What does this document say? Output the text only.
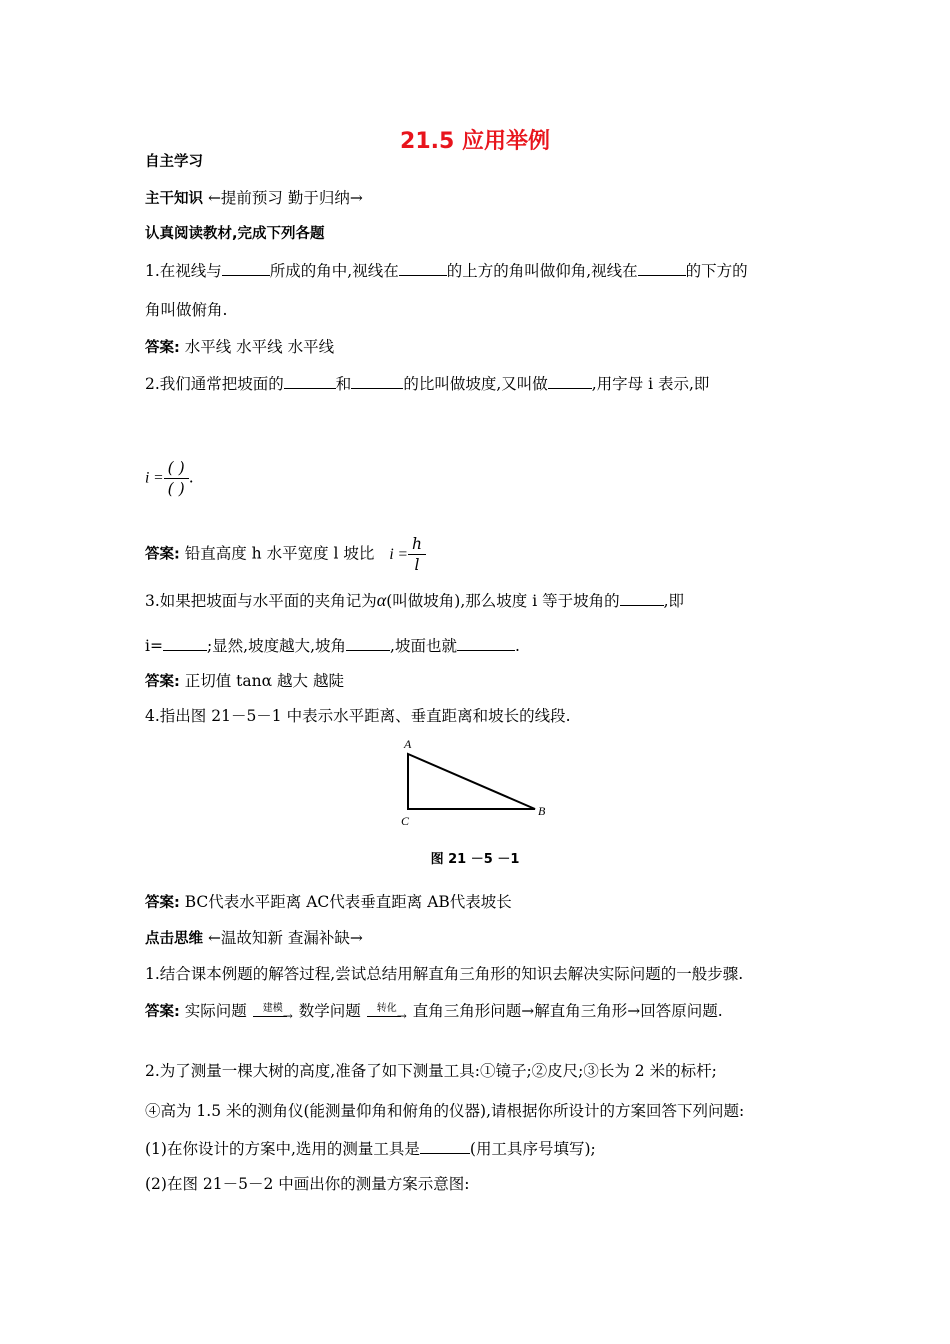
21.5 应用举例
自主学习
主干知识 ←提前预习 勤于归纳→
认真阅读教材,完成下列各题
1.在视线与	所成的角中,视线在	的上方的角叫做仰角,视线在	的下方的
角叫做俯角.
答案: 水平线 水平线 水平线
2.我们通常把坡面的	和	的比叫做坡度,又叫做	,用字母 i 表示,即
$i = \frac{( )}{( )}$ .
答案: 铅直高度 h 水平宽度 l 坡比 $i = \frac{h}{l}$
3.如果把坡面与水平面的夹角记为α(叫做坡角),那么坡度 i 等于坡角的	,即
i=	;显然,坡度越大,坡角	,坡面也就	.
答案: 正切值 tanα 越大 越陡
4.指出图 21－5－1 中表示水平距离、垂直距离和坡长的线段.
A
B
C
图 21 －5 －1
答案: BC代表水平距离 AC代表垂直距离 AB代表坡长
点击思维 ←温故知新 查漏补缺→
1.结合课本例题的解答过程,尝试总结用解直角三角形的知识去解决实际问题的一般步骤.
答案: 实际问题	建模
→ 数学问题	转化
→ 直角三角形问题→解直角三角形→回答原问题.
2.为了测量一棵大树的高度,准备了如下测量工具:①镜子;②皮尺;③长为 2 米的标杆;
④高为 1.5 米的测角仪(能测量仰角和俯角的仪器),请根据你所设计的方案回答下列问题:
(1)在你设计的方案中,选用的测量工具是	(用工具序号填写);
(2)在图 21－5－2 中画出你的测量方案示意图:
